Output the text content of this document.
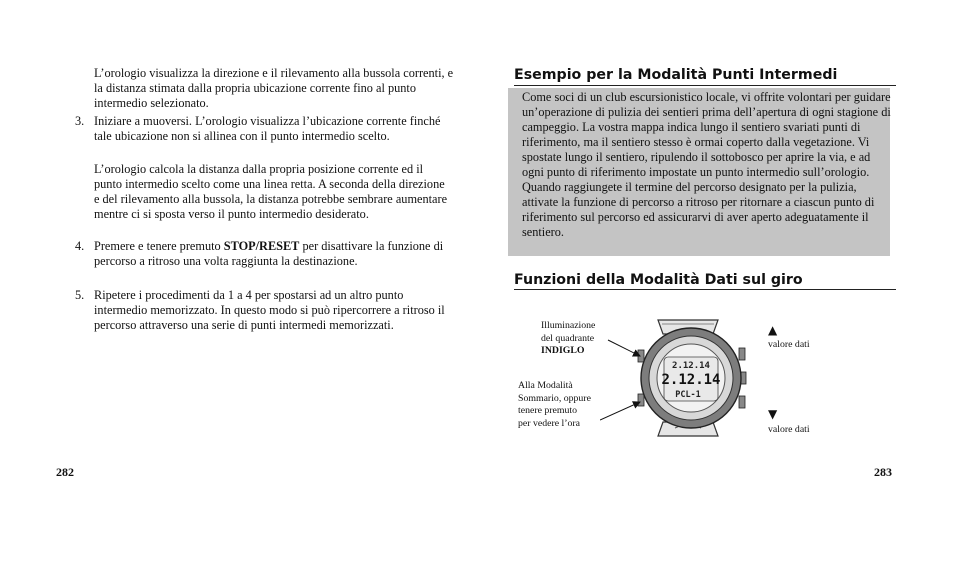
L’orologio visualizza la direzione e il rilevamento alla bussola correnti, e la distanza stimata dalla propria ubicazione corrente fino al punto intermedio selezionato.

3. Iniziare a muoversi. L’orologio visualizza l’ubicazione corrente finché tale ubicazione non si allinea con il punto intermedio scelto.

L’orologio calcola la distanza dalla propria posizione corrente ed il punto intermedio scelto come una linea retta. A seconda della direzione e del rilevamento alla bussola, la distanza potrebbe sembrare aumentare mentre ci si sposta verso il punto intermedio desiderato.

4. Premere e tenere premuto STOP/RESET per disattivare la funzione di percorso a ritroso una volta raggiunta la destinazione.

5. Ripetere i procedimenti da 1 a 4 per spostarsi ad un altro punto intermedio memorizzato. In questo modo si può ripercorrere a ritroso il percorso attraverso una serie di punti intermedi memorizzati.

282

Esempio per la Modalità Punti Intermedi

Come soci di un club escursionistico locale, vi offrite volontari per guidare un’operazione di pulizia dei sentieri prima dell’apertura di ogni stagione di campeggio. La vostra mappa indica lungo il sentiero svariati punti di riferimento, ma il sentiero stesso è ormai coperto dalla vegetazione. Vi spostate lungo il sentiero, ripulendo il sottobosco per aprire la via, e ad ogni punto di riferimento impostate un punto intermedio sull’orologio. Quando raggiungete il termine del percorso designato per la pulizia, attivate la funzione di percorso a ritroso per ritornare a ciascun punto di riferimento sul percorso ed assicurarvi di aver aperto adeguatamente il sentiero.

Funzioni della Modalità Dati sul giro

Illuminazione
del quadrante
INDIGLO

Alla Modalità
Sommario, oppure
tenere premuto
per vedere l’ora

▲

valore dati

▼

valore dati

2.12.14
2.12.14
PCL-1

283
